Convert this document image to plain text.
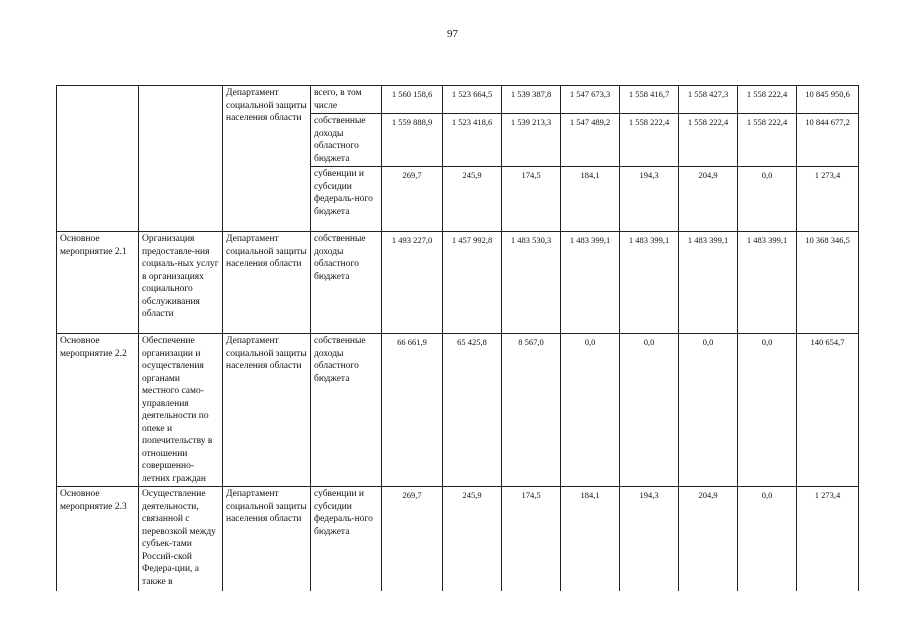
97
		Департамент социальной защиты населения области	всего, в том числе	1 560 158,6	1 523 664,5	1 539 387,8	1 547 673,3	1 558 416,7	1 558 427,3	1 558 222,4	10 845 950,6
			собственные доходы областного бюджета	1 559 888,9	1 523 418,6	1 539 213,3	1 547 489,2	1 558 222,4	1 558 222,4	1 558 222,4	10 844 677,2
			субвенции и субсидии федераль-ного бюджета	269,7	245,9	174,5	184,1	194,3	204,9	0,0	1 273,4
Основное мероприятие 2.1	Организация предоставле-ния социаль-ных услуг в организациях социального обслуживания области	Департамент социальной защиты населения области	собственные доходы областного бюджета	1 493 227,0	1 457 992,8	1 483 530,3	1 483 399,1	1 483 399,1	1 483 399,1	1 483 399,1	10 368 346,5
Основное мероприятие 2.2	Обеспечение организации и осуществления органами местного само-управления деятельности по опеке и попечительству в отношении совершенно-летних граждан	Департамент социальной защиты населения области	собственные доходы областного бюджета	66 661,9	65 425,8	8 567,0	0,0	0,0	0,0	0,0	140 654,7
Основное мероприятие 2.3	Осуществление деятельности, связанной с перевозкой между субъек-тами Россий-ской Федера-ции, а также в	Департамент социальной защиты населения области	субвенции и субсидии федераль-ного бюджета	269,7	245,9	174,5	184,1	194,3	204,9	0,0	1 273,4
